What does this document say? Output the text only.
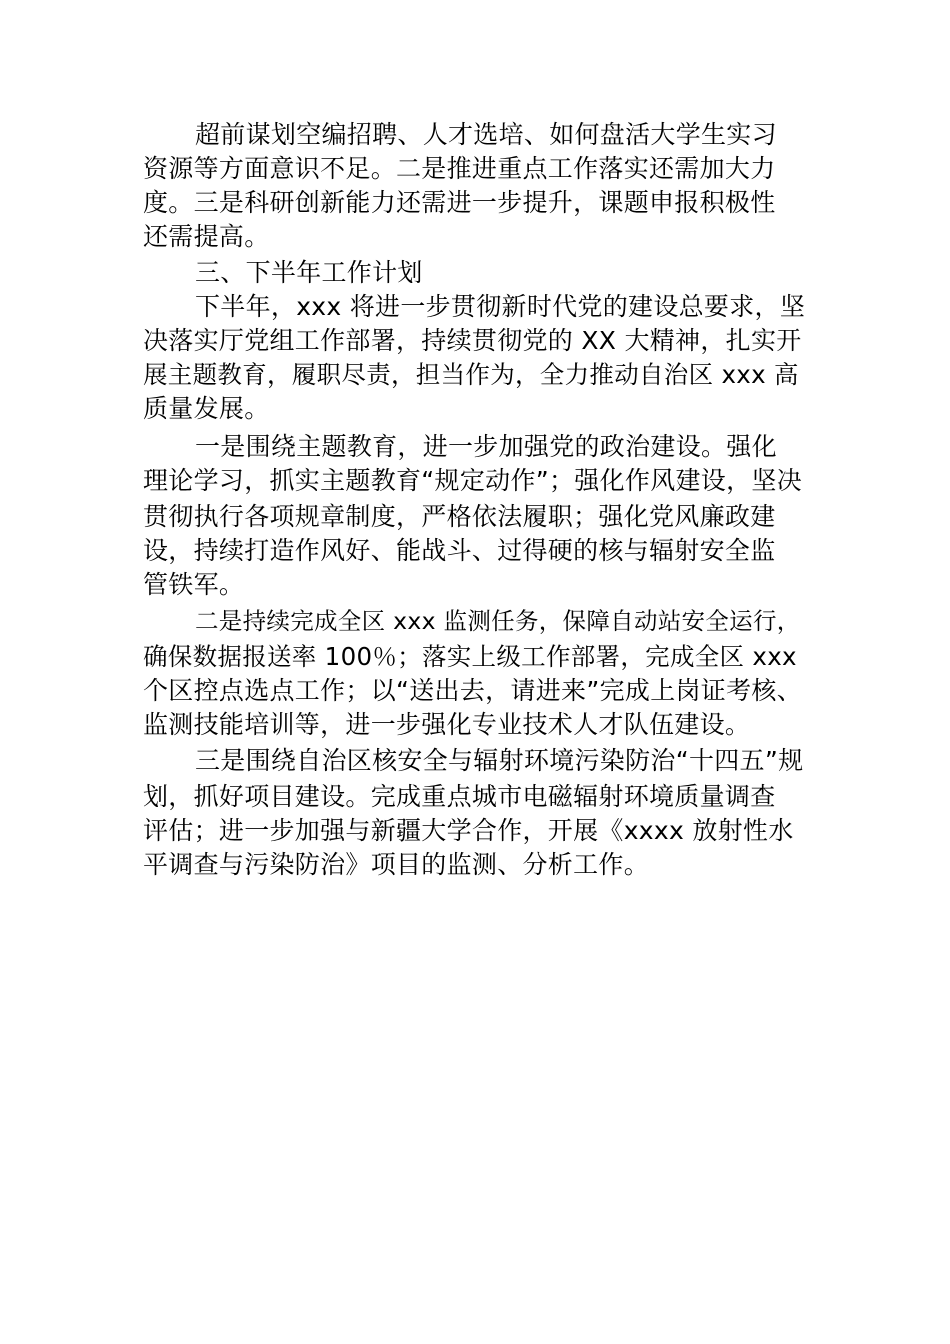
超前谋划空编招聘、人才选培、如何盘活大学生实习
资源等方面意识不足。二是推进重点工作落实还需加大力
度。三是科研创新能力还需进一步提升，课题申报积极性
还需提高。
三、下半年工作计划
下半年，xxx 将进一步贯彻新时代党的建设总要求，坚
决落实厅党组工作部署，持续贯彻党的 XX 大精神，扎实开
展主题教育，履职尽责，担当作为，全力推动自治区 xxx 高
质量发展。
一是围绕主题教育，进一步加强党的政治建设。强化
理论学习，抓实主题教育“规定动作”；强化作风建设，坚决
贯彻执行各项规章制度，严格依法履职；强化党风廉政建
设，持续打造作风好、能战斗、过得硬的核与辐射安全监
管铁军。
二是持续完成全区 xxx 监测任务，保障自动站安全运行，
确保数据报送率 100％；落实上级工作部署，完成全区 xxx
个区控点选点工作；以“送出去，请进来”完成上岗证考核、
监测技能培训等，进一步强化专业技术人才队伍建设。
三是围绕自治区核安全与辐射环境污染防治“十四五”规
划，抓好项目建设。完成重点城市电磁辐射环境质量调查
评估；进一步加强与新疆大学合作，开展《xxxx 放射性水
平调查与污染防治》项目的监测、分析工作。
